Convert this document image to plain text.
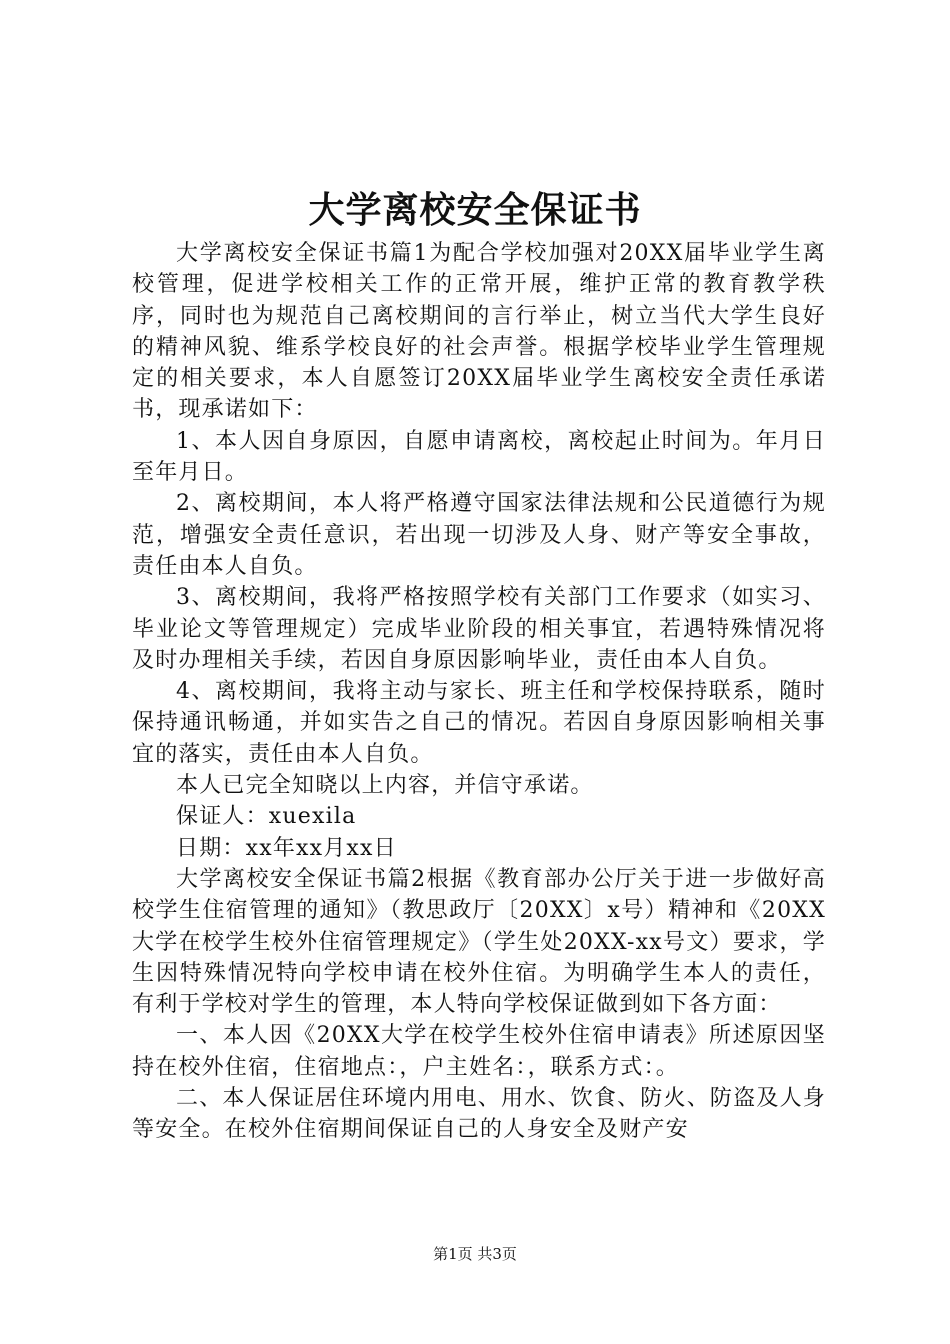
大学离校安全保证书

大学离校安全保证书篇1为配合学校加强对20XX届毕业学生离校管理，促进学校相关工作的正常开展，维护正常的教育教学秩序，同时也为规范自己离校期间的言行举止，树立当代大学生良好的精神风貌、维系学校良好的社会声誉。根据学校毕业学生管理规定的相关要求，本人自愿签订20XX届毕业学生离校安全责任承诺书，现承诺如下：

1、本人因自身原因，自愿申请离校，离校起止时间为。年月日至年月日。

2、离校期间，本人将严格遵守国家法律法规和公民道德行为规范，增强安全责任意识，若出现一切涉及人身、财产等安全事故，责任由本人自负。

3、离校期间，我将严格按照学校有关部门工作要求（如实习、毕业论文等管理规定）完成毕业阶段的相关事宜，若遇特殊情况将及时办理相关手续，若因自身原因影响毕业，责任由本人自负。

4、离校期间，我将主动与家长、班主任和学校保持联系，随时保持通讯畅通，并如实告之自己的情况。若因自身原因影响相关事宜的落实，责任由本人自负。

本人已完全知晓以上内容，并信守承诺。

保证人：xuexila

日期：xx年xx月xx日

大学离校安全保证书篇2根据《教育部办公厅关于进一步做好高校学生住宿管理的通知》（教思政厅〔20XX〕x号）精神和《20XX大学在校学生校外住宿管理规定》（学生处20XX-xx号文）要求，学生因特殊情况特向学校申请在校外住宿。为明确学生本人的责任，有利于学校对学生的管理，本人特向学校保证做到如下各方面：

一、本人因《20XX大学在校学生校外住宿申请表》所述原因坚持在校外住宿，住宿地点：，户主姓名：，联系方式：。

二、本人保证居住环境内用电、用水、饮食、防火、防盗及人身等安全。在校外住宿期间保证自己的人身安全及财产安

第1页 共3页
